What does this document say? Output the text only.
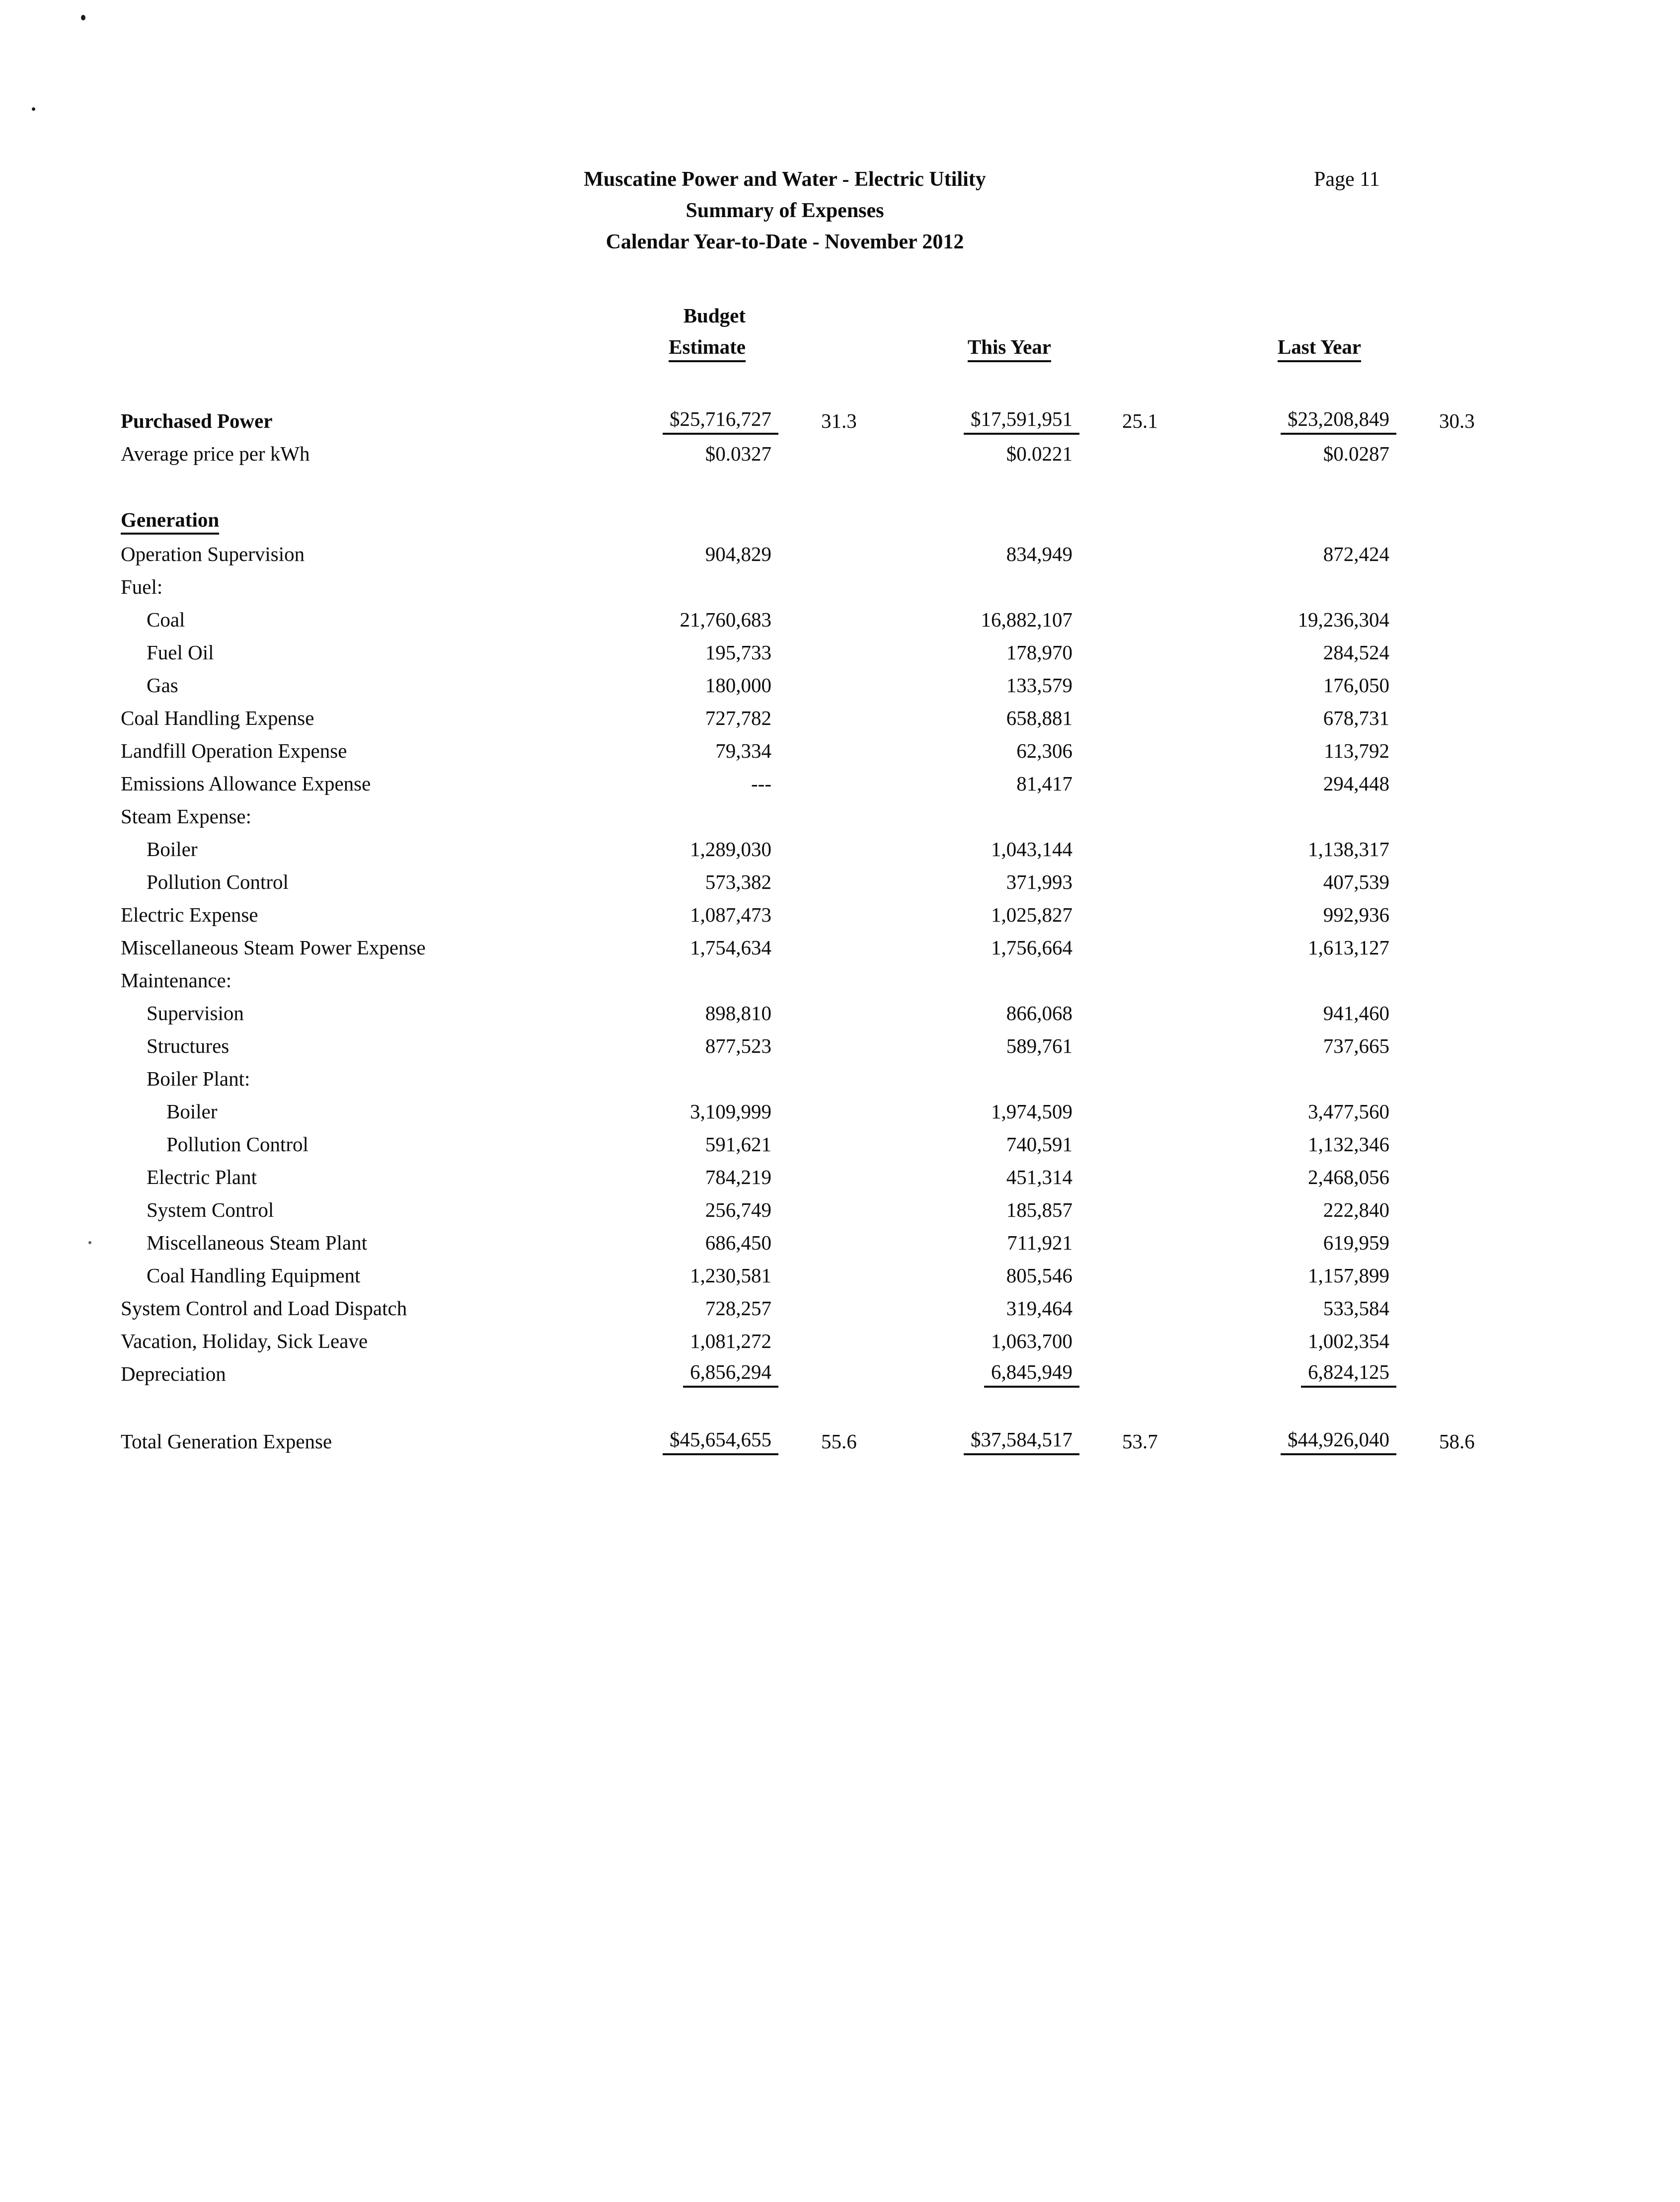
Muscatine Power and Water - Electric Utility
Summary of Expenses
Calendar Year-to-Date - November 2012
Page 11
	Budget					
	Estimate		This Year		Last Year	

Purchased Power	$25,716,727	31.3	$17,591,951	25.1	$23,208,849	30.3
Average price per kWh	$0.0327		$0.0221		$0.0287	

Generation						
Operation Supervision	904,829		834,949		872,424	
Fuel:						
Coal	21,760,683		16,882,107		19,236,304	
Fuel Oil	195,733		178,970		284,524	
Gas	180,000		133,579		176,050	
Coal Handling Expense	727,782		658,881		678,731	
Landfill Operation Expense	79,334		62,306		113,792	
Emissions Allowance Expense	---		81,417		294,448	
Steam Expense:						
Boiler	1,289,030		1,043,144		1,138,317	
Pollution Control	573,382		371,993		407,539	
Electric Expense	1,087,473		1,025,827		992,936	
Miscellaneous Steam Power Expense	1,754,634		1,756,664		1,613,127	
Maintenance:						
Supervision	898,810		866,068		941,460	
Structures	877,523		589,761		737,665	
Boiler Plant:						
Boiler	3,109,999		1,974,509		3,477,560	
Pollution Control	591,621		740,591		1,132,346	
Electric Plant	784,219		451,314		2,468,056	
System Control	256,749		185,857		222,840	
Miscellaneous Steam Plant	686,450		711,921		619,959	
Coal Handling Equipment	1,230,581		805,546		1,157,899	
System Control and Load Dispatch	728,257		319,464		533,584	
Vacation, Holiday, Sick Leave	1,081,272		1,063,700		1,002,354	
Depreciation	6,856,294		6,845,949		6,824,125	

Total Generation Expense	$45,654,655	55.6	$37,584,517	53.7	$44,926,040	58.6
